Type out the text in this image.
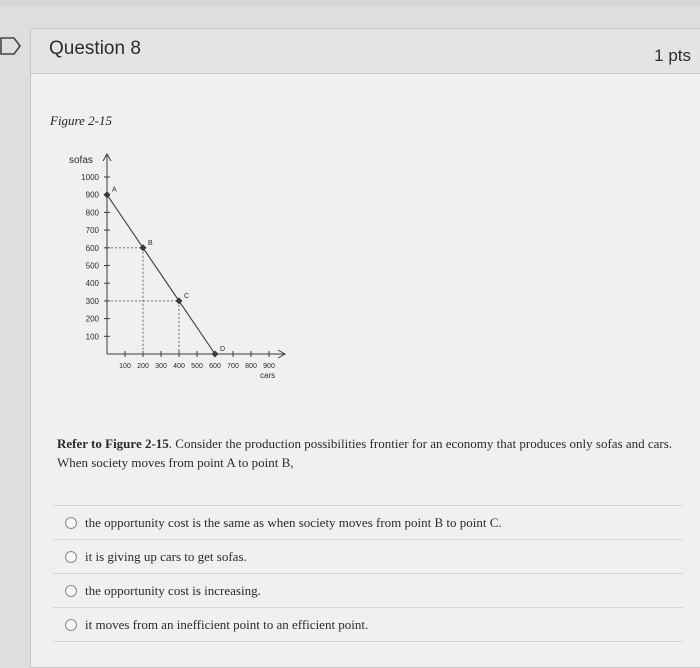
Question 8	1 pts
Figure 2-15
sofas
cars
1000
900
800
700
600
500
400
300
200
100
100 200 300 400 500 600 700 800 900
A
B
C
D
Refer to Figure 2-15. Consider the production possibilities frontier for an economy that produces only sofas and cars. When society moves from point A to point B,
the opportunity cost is the same as when society moves from point B to point C.
it is giving up cars to get sofas.
the opportunity cost is increasing.
it moves from an inefficient point to an efficient point.
